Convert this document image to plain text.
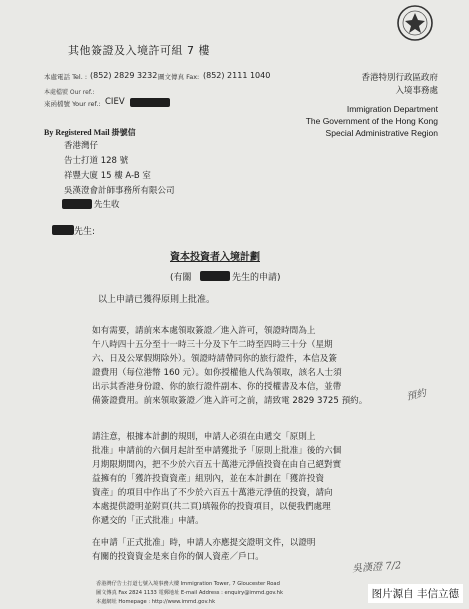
其他簽證及入境許可組 7 樓
本處電話 Tel. : (852) 2829 3232 圖文傳真 Fax: (852) 2111 1040
本處檔號 Our ref.:
來函檔號 Your ref.: CIEV
香港特別行政區政府
入境事務處
Immigration Department
The Government of the Hong Kong
Special Administrative Region
By Registered Mail 掛號信
香港灣仔
告士打道 128 號
祥豐大廈 15 樓 A-B 室
吳漢澄會計師事務所有限公司
先生收
先生:
資本投資者入境計劃
(有關	先生的申請)
以上申請已獲得原則上批准。
如有需要，請前來本處領取簽證／進入許可，領證時間為上
午八時四十五分至十一時三十分及下午二時至四時三十分（星期
六、日及公眾假期除外）。領證時請帶同你的旅行證件，本信及簽
證費用（每位港幣 160 元）。如你授權他人代為領取，該名人士須
出示其香港身份證、你的旅行證件副本、你的授權書及本信，並帶
備簽證費用。前來領取簽證／進入許可之前，請致電 2829 3725 預約。	預約
請注意，根據本計劃的規則，申請人必須在由遞交「原則上
批准」申請前的六個月起計至申請獲批予「原則上批准」後的六個
月期限期間內，把不少於六百五十萬港元淨值投資在由自己絕對實
益擁有的「獲許投資資產」組別內，並在本計劃在「獲許投資
資產」的項目中作出了不少於六百五十萬港元淨值的投資，請向
本處提供證明並附頁(共二頁)填報你的投資項目，以便我們處理
你遞交的「正式批准」申請。
在申請「正式批准」時，申請人亦應提交證明文件，以證明
有關的投資資金是來自你的個人資產／戶口。
吳漢澄 7/2
香港灣仔告士打道七號入境事務大樓 Immigration Tower, 7 Gloucester Road
圖文傳真 Fax 2824 1133 電郵地址 E-mail Address : enquiry@immd.gov.hk
本處網址 Homepage : http://www.immd.gov.hk
图片源自 丰信立德
